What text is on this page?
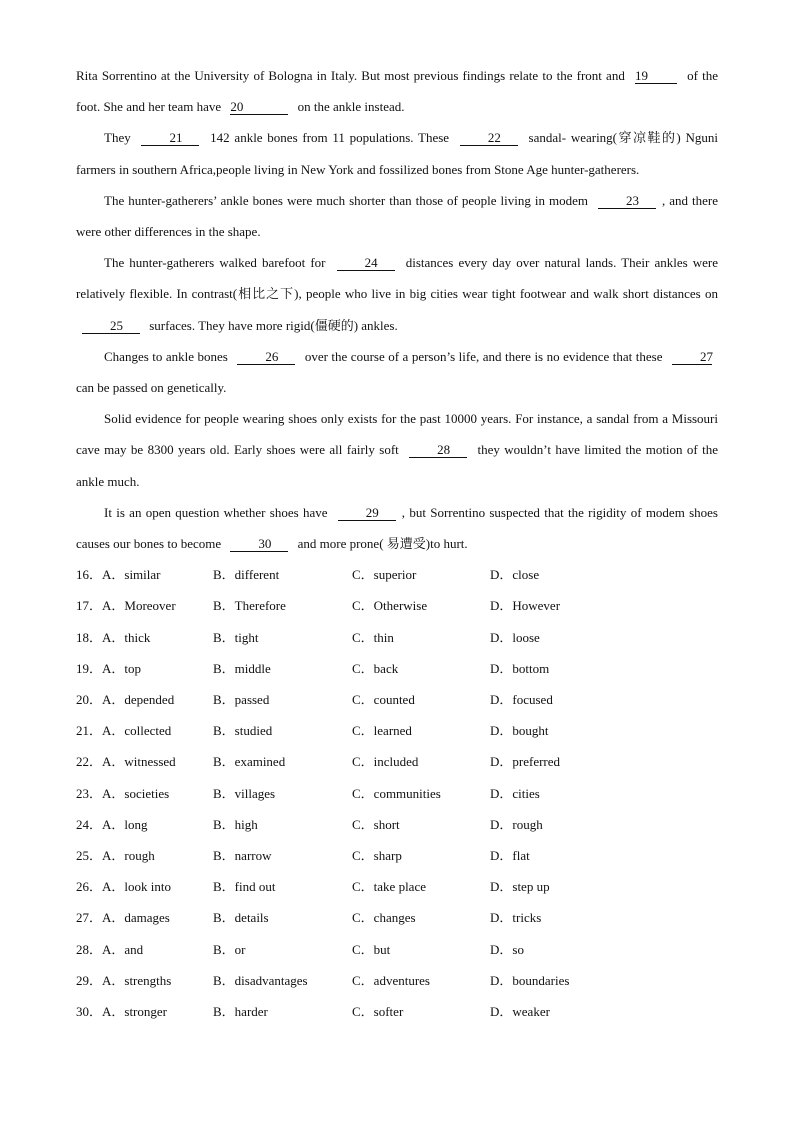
Rita Sorrentino at the University of Bologna in Italy. But most previous findings relate to the front and 19	of the foot. She and her team have 20	on the ankle instead.

They	21 142 ankle bones from 11 populations. These	22 sandal- wearing(穿凉鞋的) Nguni farmers in southern Africa,people living in New York and fossilized bones from Stone Age hunter-gatherers.

The hunter-gatherers’ ankle bones were much shorter than those of people living in modem	23 , and there were other differences in the shape.

The hunter-gatherers walked barefoot for	24 distances every day over natural lands. Their ankles were relatively flexible. In contrast(相比之下), people who live in big cities wear tight footwear and walk short distances on 25 surfaces. They have more rigid(僵硬的) ankles.

Changes to ankle bones	26 over the course of a person’s life, and there is no evidence that these	27 can be passed on genetically.

Solid evidence for people wearing shoes only exists for the past 10000 years. For instance, a sandal from a Missouri cave may be 8300 years old. Early shoes were all fairly soft	28 they wouldn’t have limited the motion of the ankle much.

It is an open question whether shoes have	29 , but Sorrentino suspected that the rigidity of modem shoes causes our bones to become	30 and more prone( 易遭受)to hurt.

16． A．similar	B．different	C．superior	D．close
17． A．Moreover	B．Therefore	C．Otherwise	D．However
18． A．thick	B．tight	C．thin	D．loose
19． A．top	B．middle	C．back	D．bottom
20． A．depended	B．passed	C．counted	D．focused
21． A．collected	B．studied	C．learned	D．bought
22． A．witnessed	B．examined	C．included	D．preferred
23． A．societies	B．villages	C．communities	D．cities
24． A．long	B．high	C．short	D．rough
25． A．rough	B．narrow	C．sharp	D．flat
26． A．look into	B．find out	C．take place	D．step up
27． A．damages	B．details	C．changes	D．tricks
28． A．and	B．or	C．but	D．so
29． A．strengths	B．disadvantages	C．adventures	D．boundaries
30． A．stronger	B．harder	C．softer	D．weaker
